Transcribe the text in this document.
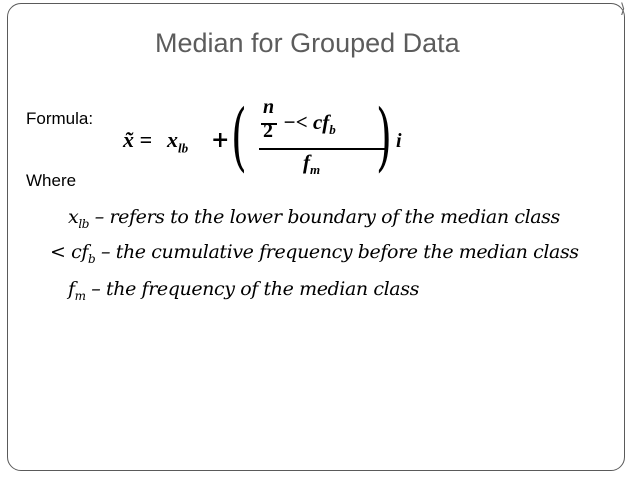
Median for Grouped Data
⟩
Formula:
Where
x̃ = $x_{lb}$ + ( n
$2 -< cf_b$
$f_m$ ) i
$x_{lb}$ – refers to the lower boundary of the median class
< $cf_b$ – the cumulative frequency before the median class
$f_m$ – the frequency of the median class
